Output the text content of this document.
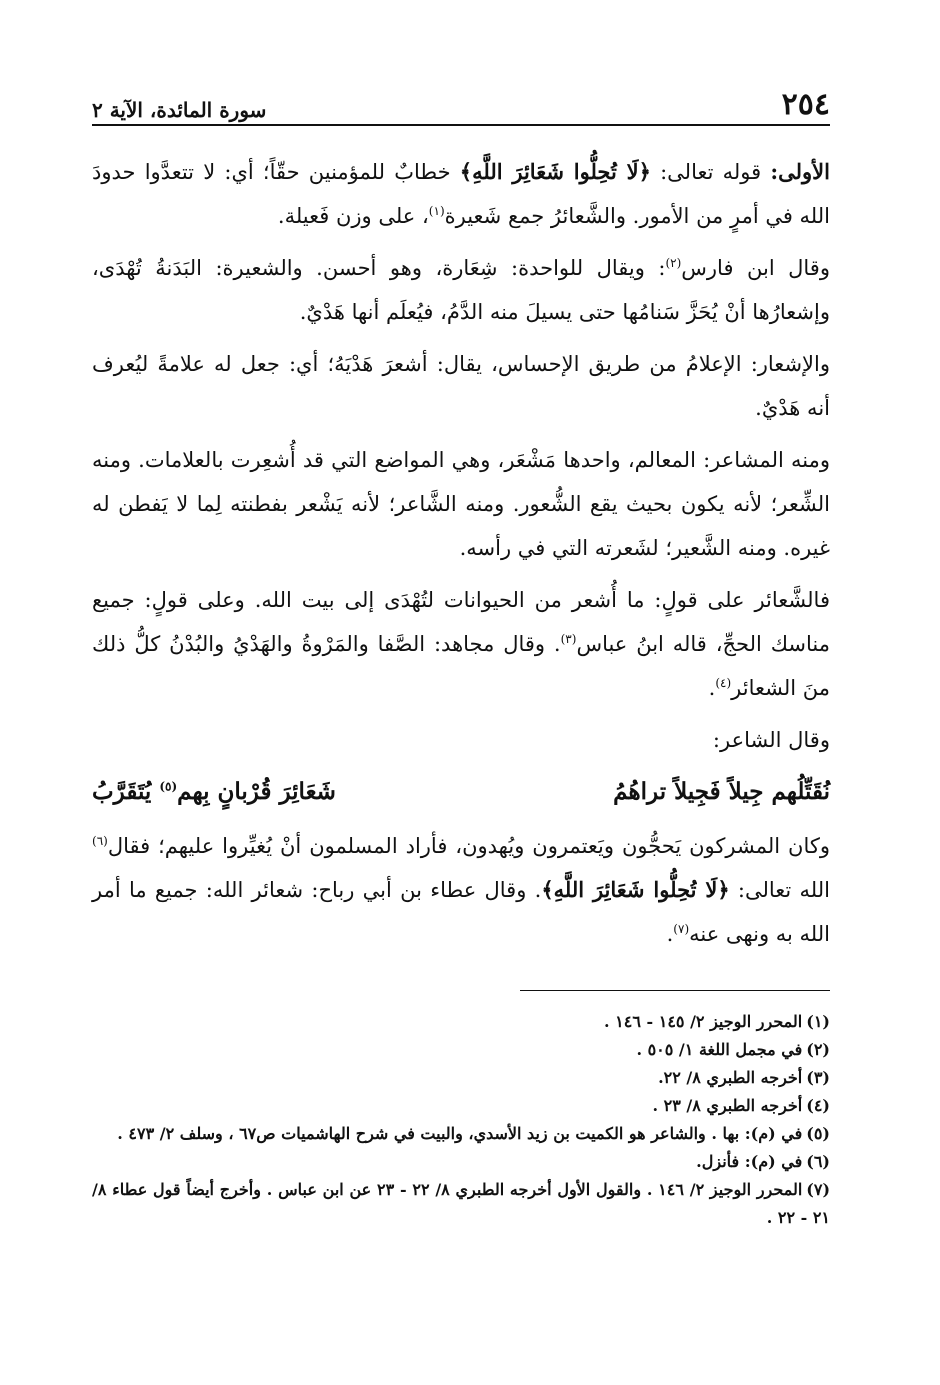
٢٥٤
سورة المائدة، الآية ٢

الأولى: قوله تعالى: ﴿لَا تُحِلُّوا شَعَائِرَ اللَّهِ﴾ خطابٌ للمؤمنين حقّاً؛ أي: لا تتعدَّوا حدودَ الله في أمرٍ من الأمور. والشَّعائرُ جمع شَعيرة$^{(١)}$، على وزن فَعيلة.

وقال ابن فارس$^{(٢)}$: ويقال للواحدة: شِعَارة، وهو أحسن. والشعيرة: البَدَنةُ تُهْدَى، وإشعارُها أنْ يُحَزَّ سَنامُها حتى يسيلَ منه الدَّمُ، فيُعلَم أنها هَدْيٌ.

والإشعار: الإعلامُ من طريق الإحساس، يقال: أشعرَ هَدْيَهُ؛ أي: جعل له علامةً ليُعرف أنه هَدْيٌ.

ومنه المشاعر: المعالم، واحدها مَشْعَر، وهي المواضع التي قد أُشعِرت بالعلامات. ومنه الشِّعر؛ لأنه يكون بحيث يقع الشُّعور. ومنه الشَّاعر؛ لأنه يَشْعر بفطنته لِما لا يَفطن له غيره. ومنه الشَّعير؛ لشَعرته التي في رأسه.

فالشَّعائر على قولٍ: ما أُشعر من الحيوانات لتُهْدَى إلى بيت الله. وعلى قولٍ: جميع مناسك الحجِّ، قاله ابنُ عباس$^{(٣)}$. وقال مجاهد: الصَّفا والمَرْوةُ والهَدْيُ والبُدْنُ كلُّ ذلك منَ الشعائر$^{(٤)}$.

وقال الشاعر:

نُقَتِّلُهم جِيلاً فَجِيلاً تراهُمُ
شَعَائِرَ قُرْبانٍ بِهم$^{(٥)}$ يُتَقَرَّبُ

وكان المشركون يَحجُّون ويَعتمرون ويُهدون، فأراد المسلمون أنْ يُغيِّروا عليهم؛ فقال$^{(٦)}$ الله تعالى: ﴿لَا تُحِلُّوا شَعَائِرَ اللَّهِ﴾. وقال عطاء بن أبي رباح: شعائر الله: جميع ما أمر الله به ونهى عنه$^{(٧)}$.

(١)المحرر الوجيز ٢/ ١٤٥ - ١٤٦ .

(٢)في مجمل اللغة ١/ ٥٠٥ .

(٣)أخرجه الطبري ٨/ ٢٢.

(٤)أخرجه الطبري ٨/ ٢٣ .

(٥)في (م): بها . والشاعر هو الكميت بن زيد الأسدي، والبيت في شرح الهاشميات ص٦٧ ، وسلف ٢/ ٤٧٣ .

(٦)في (م): فأنزل.

(٧)المحرر الوجيز ٢/ ١٤٦ . والقول الأول أخرجه الطبري ٨/ ٢٢ - ٢٣ عن ابن عباس . وأخرج أيضاً قول عطاء ٨/ ٢١ - ٢٢ .
